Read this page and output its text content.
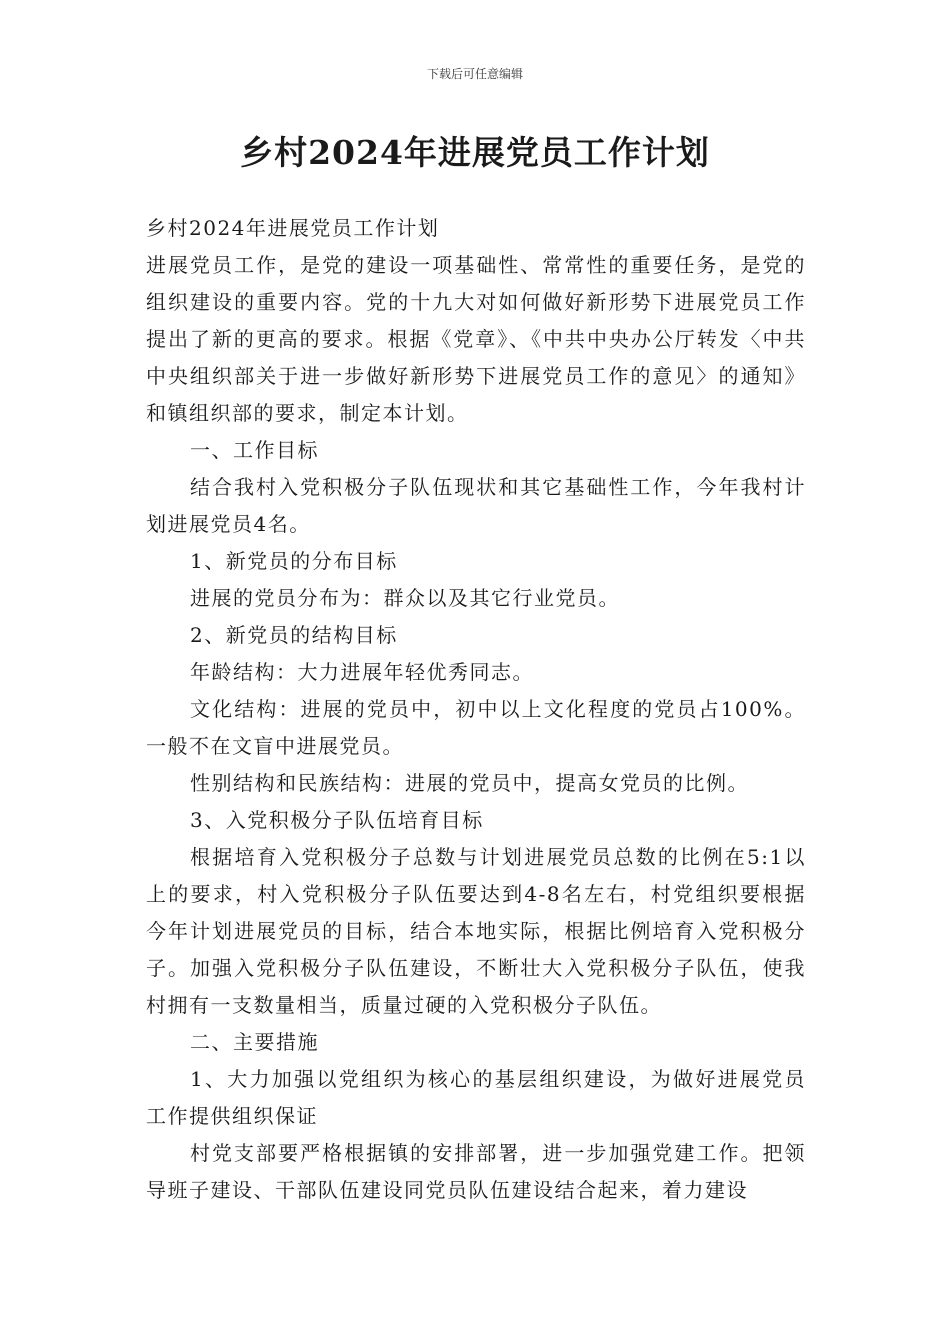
下载后可任意编辑
乡村2024年进展党员工作计划

乡村2024年进展党员工作计划

进展党员工作，是党的建设一项基础性、常常性的重要任务，是党的组织建设的重要内容。党的十九大对如何做好新形势下进展党员工作提出了新的更高的要求。根据《党章》、《中共中央办公厅转发〈中共中央组织部关于进一步做好新形势下进展党员工作的意见〉的通知》和镇组织部的要求，制定本计划。

一、工作目标

结合我村入党积极分子队伍现状和其它基础性工作，今年我村计划进展党员4名。

1、新党员的分布目标

进展的党员分布为：群众以及其它行业党员。

2、新党员的结构目标

年龄结构：大力进展年轻优秀同志。

文化结构：进展的党员中，初中以上文化程度的党员占100%。一般不在文盲中进展党员。

性别结构和民族结构：进展的党员中，提高女党员的比例。

3、入党积极分子队伍培育目标

根据培育入党积极分子总数与计划进展党员总数的比例在5:1以上的要求，村入党积极分子队伍要达到4-8名左右，村党组织要根据今年计划进展党员的目标，结合本地实际，根据比例培育入党积极分子。加强入党积极分子队伍建设，不断壮大入党积极分子队伍，使我村拥有一支数量相当，质量过硬的入党积极分子队伍。

二、主要措施

1、大力加强以党组织为核心的基层组织建设，为做好进展党员工作提供组织保证

村党支部要严格根据镇的安排部署，进一步加强党建工作。把领导班子建设、干部队伍建设同党员队伍建设结合起来，着力建设
